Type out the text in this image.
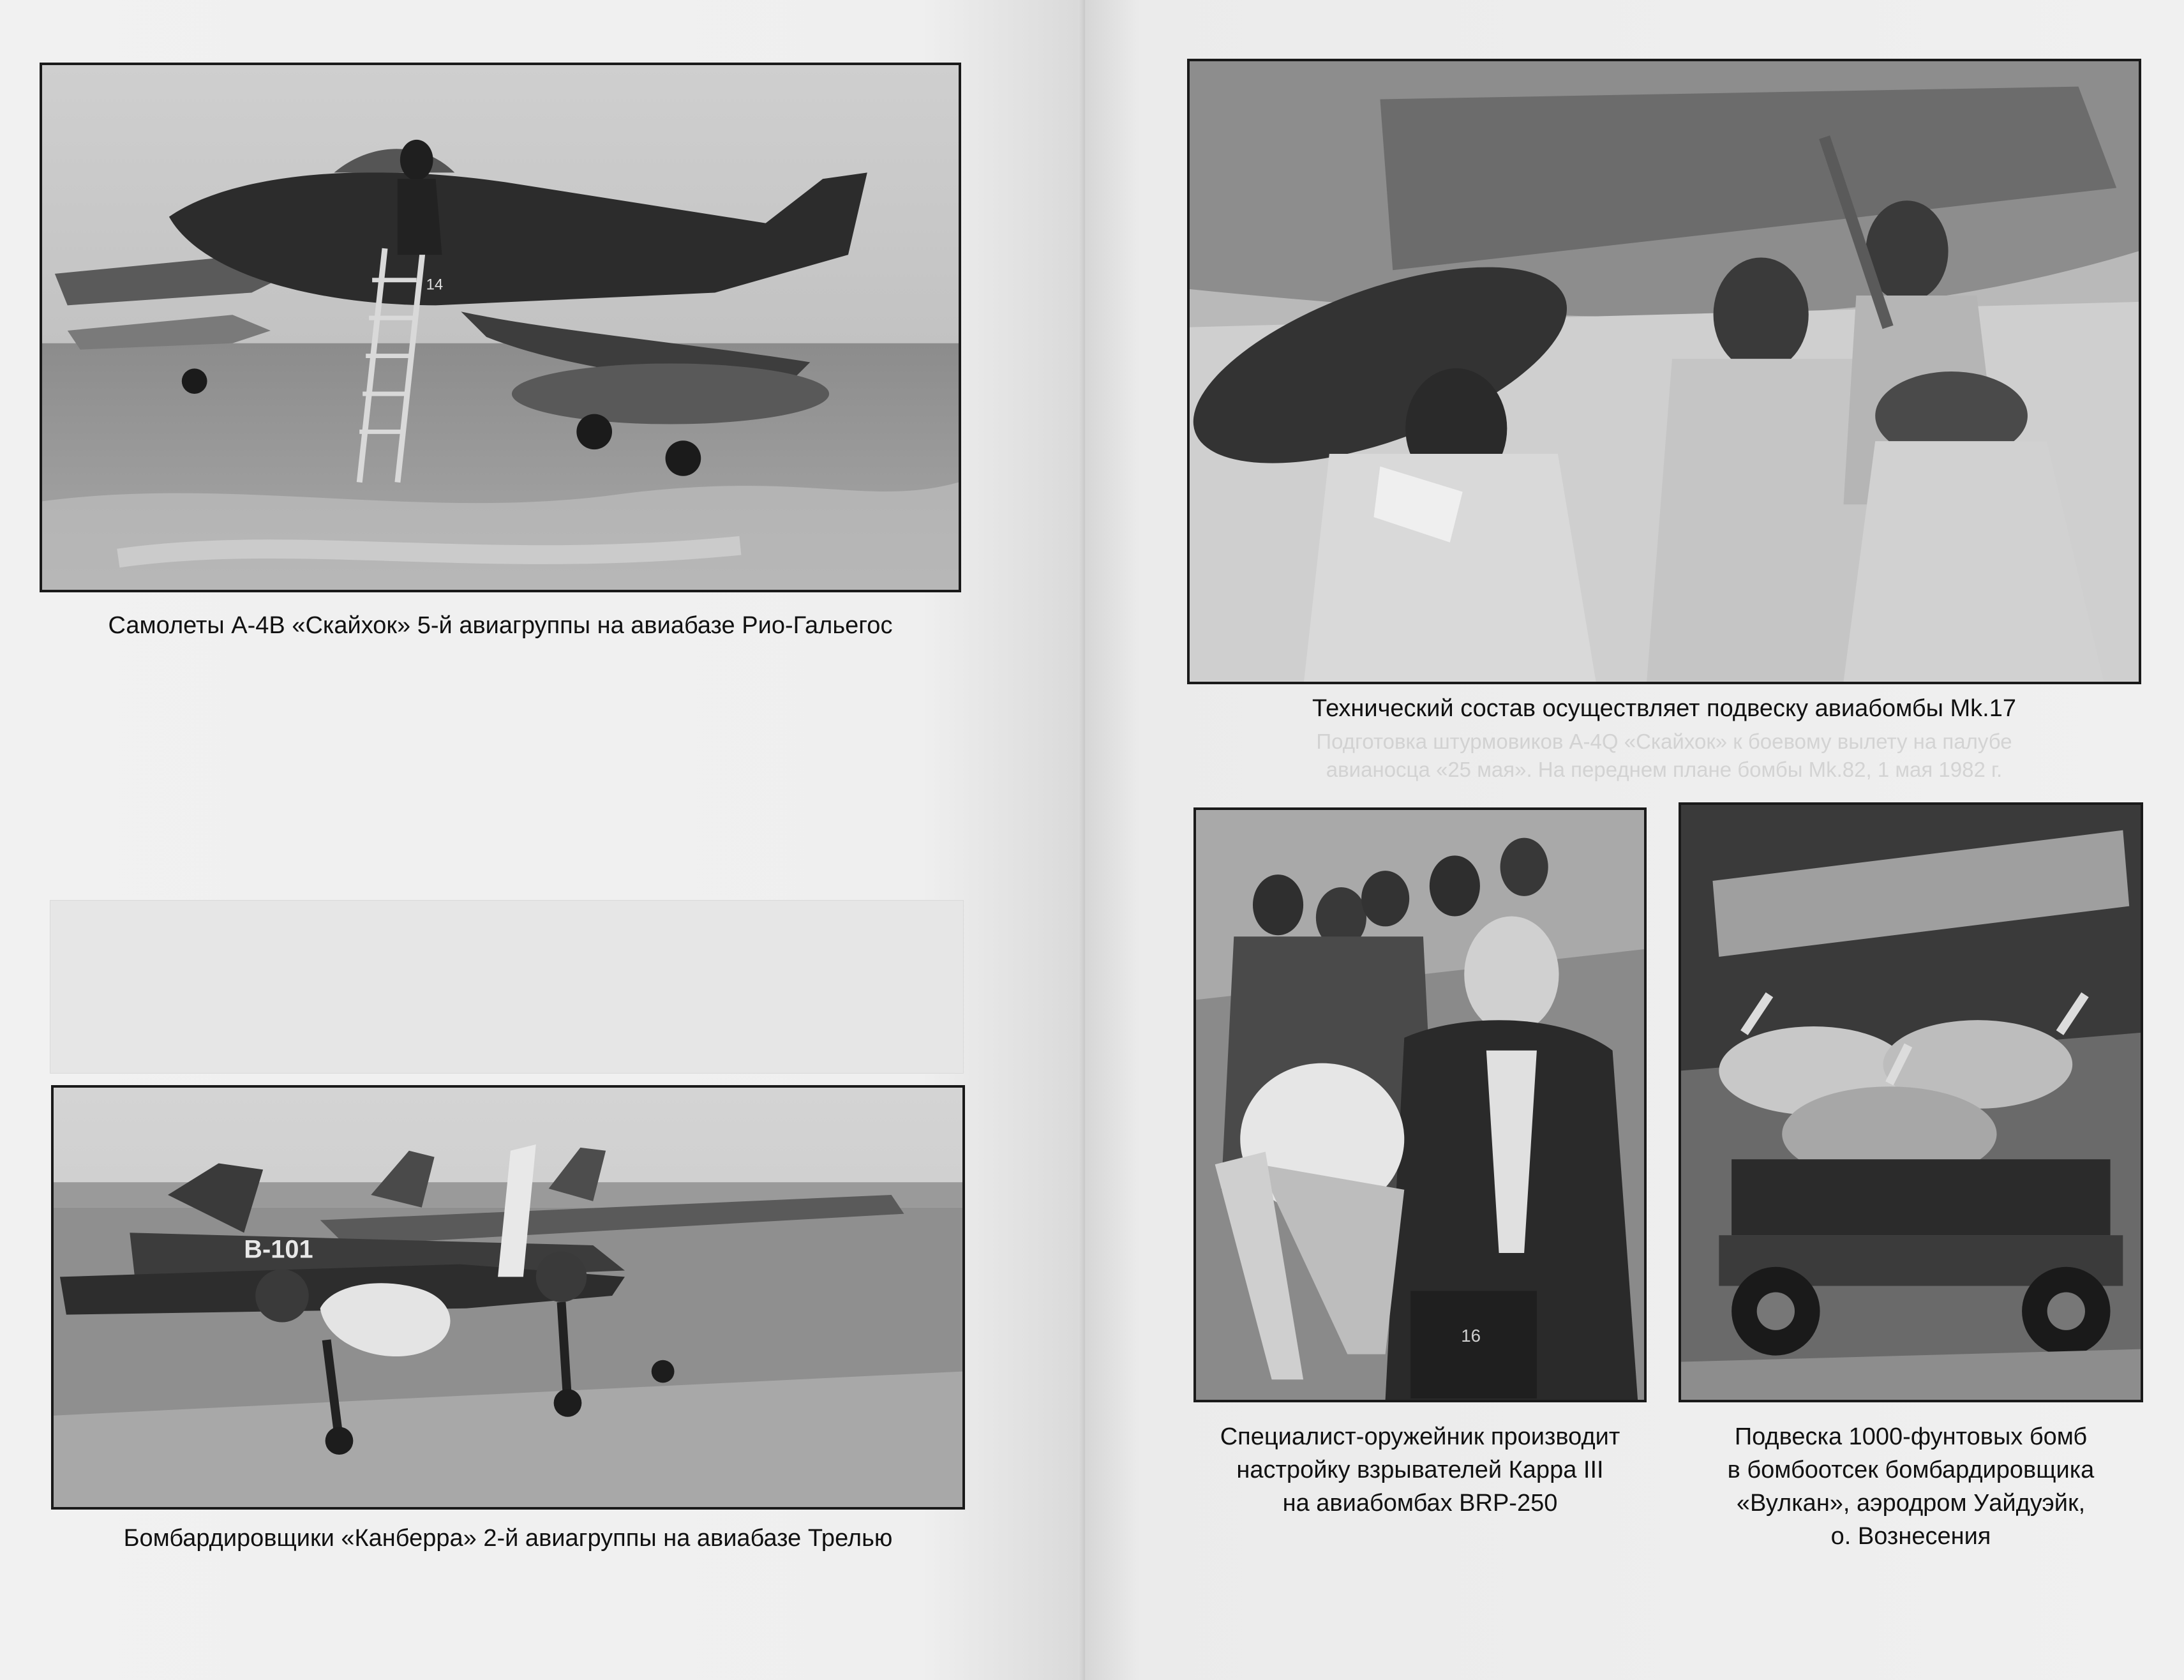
14
Самолеты А-4В «Скайхок» 5-й авиагруппы на авиабазе Рио-Гальегос
B-101
Бомбардировщики «Канберра» 2-й авиагруппы на авиабазе Трелью
Технический состав осуществляет подвеску авиабомбы Mk.17
Подготовка штурмовиков А-4Q «Скайхок» к боевому вылету на палубе
авианосца «25 мая». На переднем плане бомбы Mk.82, 1 мая 1982 г.
16
Специалист-оружейник производит
настройку взрывателей Карра III
на авиабомбах BRP-250
Подвеска 1000-фунтовых бомб
в бомбоотсек бомбардировщика
«Вулкан», аэродром Уайдуэйк,
о. Вознесения
